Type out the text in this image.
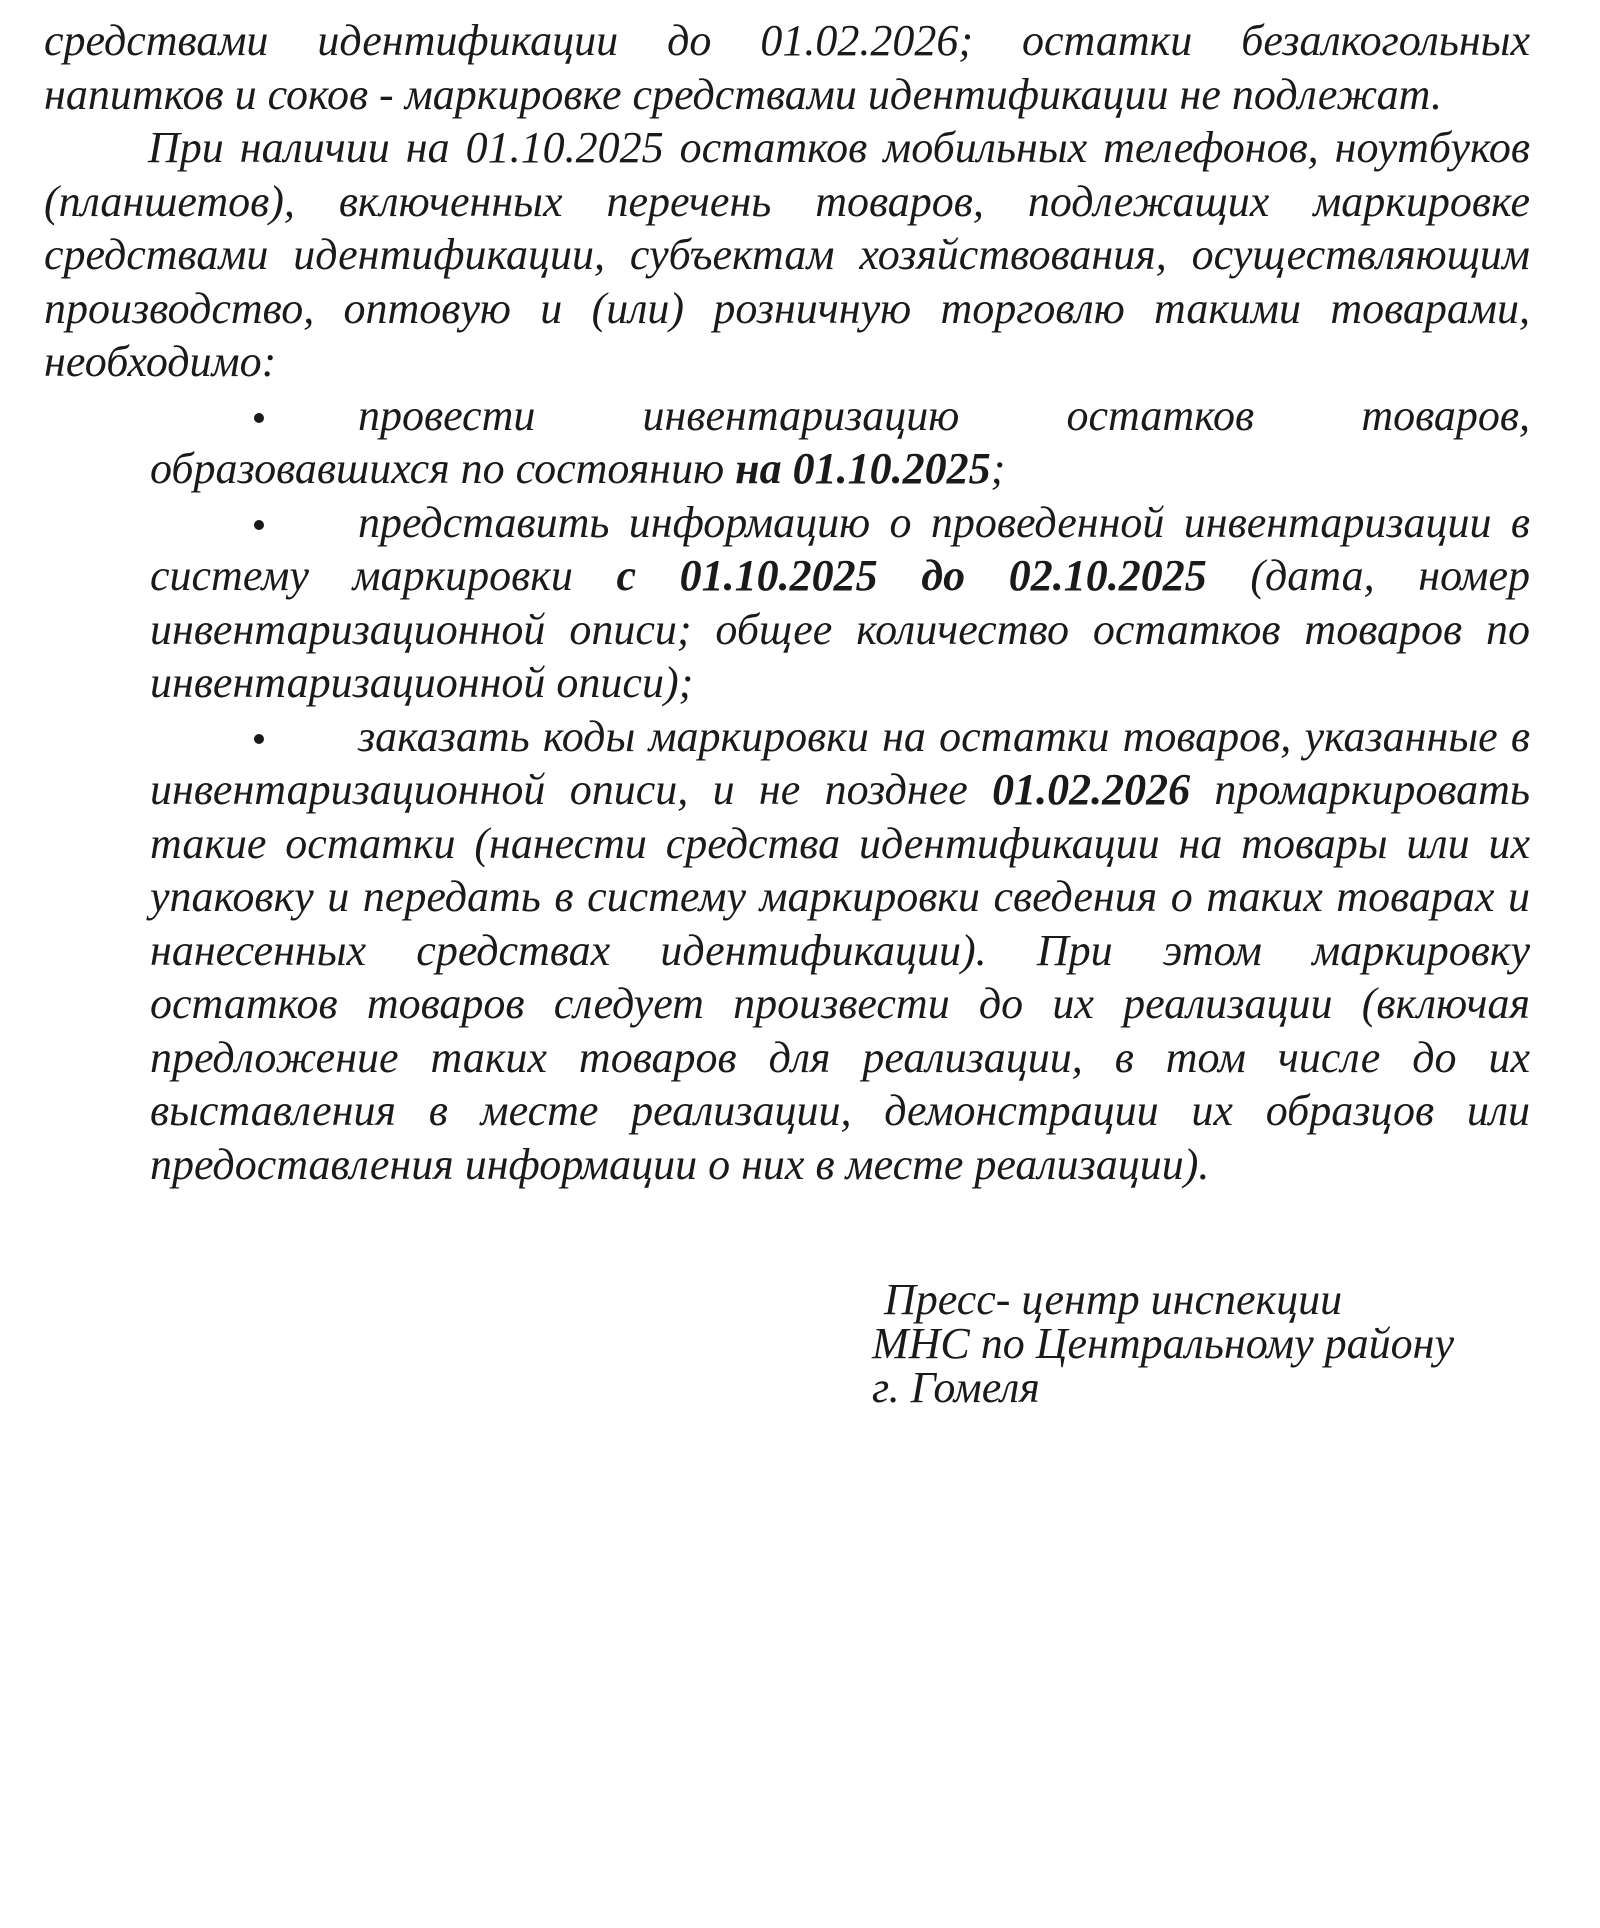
средствами идентификации до 01.02.2026; остатки безалкогольных напитков и соков - маркировке средствами идентификации не подлежат.

При наличии на 01.10.2025 остатков мобильных телефонов, ноутбуков (планшетов), включенных перечень товаров, подлежащих маркировке средствами идентификации, субъектам хозяйствования, осуществляющим производство, оптовую и (или) розничную торговлю такими товарами, необходимо:

провести инвентаризацию остатков товаров, образовавшихся по состоянию на 01.10.2025;
представить информацию о проведенной инвентаризации в систему маркировки с 01.10.2025 до 02.10.2025 (дата, номер инвентаризационной описи; общее количество остатков товаров по инвентаризационной описи);
заказать коды маркировки на остатки товаров, указанные в инвентаризационной описи, и не позднее 01.02.2026 промаркировать такие остатки (нанести средства идентификации на товары или их упаковку и передать в систему маркировки сведения о таких товарах и нанесенных средствах идентификации). При этом маркировку остатков товаров следует произвести до их реализации (включая предложение таких товаров для реализации, в том числе до их выставления в месте реализации, демонстрации их образцов или предоставления информации о них в месте реализации).
Пресс- центр инспекции
МНС по Центральному району
г. Гомеля
